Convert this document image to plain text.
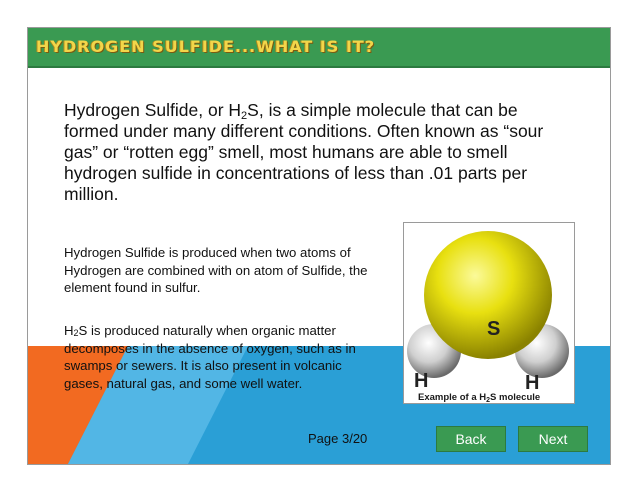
HYDROGEN SULFIDE...WHAT IS IT?
Hydrogen Sulfide, or $H_2S$, is a simple molecule that can be formed under many different conditions. Often known as “sour gas” or “rotten egg” smell, most humans are able to smell hydrogen sulfide in concentrations of less than .01 parts per million.
Hydrogen Sulfide is produced when two atoms of Hydrogen are combined with on atom of Sulfide, the element found in sulfur.
$H_2S$ is produced naturally when organic matter decomposes in the absence of oxygen, such as in swamps or sewers. It is also present in volcanic gases, natural gas, and some well water.
S
H	H
Example of a $H_2S$ molecule
Page 3/20	Back	Next
